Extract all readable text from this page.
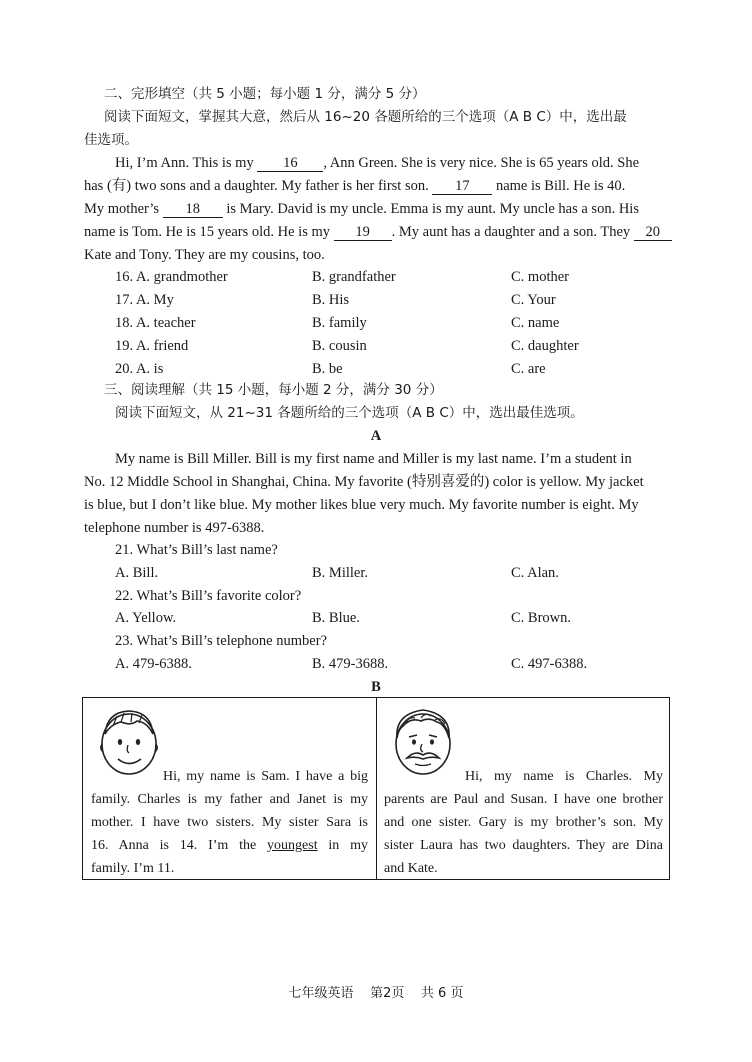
二、完形填空（共 5 小题；每小题 1 分，满分 5 分）
阅读下面短文，掌握其大意，然后从 16~20 各题所给的三个选项（A B C）中，选出最
佳选项。
Hi, I’m Ann. This is my 16 , Ann Green. She is very nice. She is 65 years old. She
has (有) two sons and a daughter. My father is her first son. 17 name is Bill. He is 40.
My mother’s 18 is Mary. David is my uncle. Emma is my aunt. My uncle has a son. His
name is Tom. He is 15 years old. He is my 19 . My aunt has a daughter and a son. They 20
Kate and Tony. They are my cousins, too.
16. A. grandmother	B. grandfather	C. mother
17. A. My	B. His	C. Your
18. A. teacher	B. family	C. name
19. A. friend	B. cousin	C. daughter
20. A. is	B. be	C. are
三、阅读理解（共 15 小题，每小题 2 分，满分 30 分）
阅读下面短文，从 21~31 各题所给的三个选项（A B C）中，选出最佳选项。
A
My name is Bill Miller. Bill is my first name and Miller is my last name. I’m a student in
No. 12 Middle School in Shanghai, China. My favorite (特别喜爱的) color is yellow. My jacket
is blue, but I don’t like blue. My mother likes blue very much. My favorite number is eight. My
telephone number is 497-6388.
21. What’s Bill’s last name?
A. Bill.	B. Miller.	C. Alan.
22. What’s Bill’s favorite color?
A. Yellow.	B. Blue.	C. Brown.
23. What’s Bill’s telephone number?
A. 479-6388.	B. 479-3688.	C. 497-6388.
B
Hi, my name is Sam. I have a big
family. Charles is my father and Janet is my
mother. I have two sisters. My sister Sara is
16. Anna is 14. I’m the youngest in my
family. I’m 11.
Hi, my name is Charles. My
parents are Paul and Susan. I have one brother
and one sister. Gary is my brother’s son. My
sister Laura has two daughters. They are Dina
and Kate.
七年级英语 第2页 共 6 页
